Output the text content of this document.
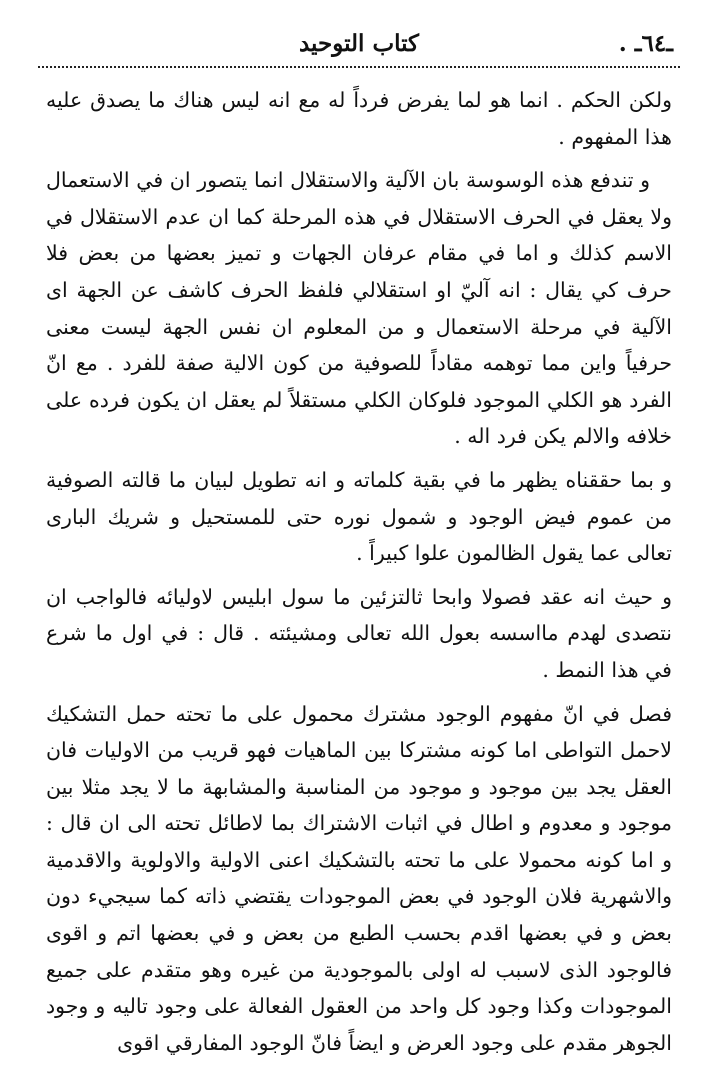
ـ٦٤ـ .
كتاب التوحيد

ولكن الحكم . انما هو لما يفرض فرداً له مع انه ليس هناك ما يصدق عليه هذا المفهوم .

و تندفع هذه الوسوسة بان الآلية والاستقلال انما يتصور ان في الاستعمال ولا يعقل في الحرف الاستقلال في هذه المرحلة كما ان عدم الاستقلال في الاسم كذلك و اما في مقام عرفان الجهات و تميز بعضها من بعض فلا حرف كي يقال : انه آليّ او استقلالي فلفظ الحرف كاشف عن الجهة اى الآلية في مرحلة الاستعمال و من المعلوم ان نفس الجهة ليست معنى حرفياً واين مما توهمه مقاداً للصوفية من كون الالية صفة للفرد . مع انّ الفرد هو الكلي الموجود فلوكان الكلي مستقلاً لم يعقل ان يكون فرده على خلافه والالم يكن فرد اله .

و بما حققناه يظهر ما في بقية كلماته و انه تطويل لبيان ما قالته الصوفية من عموم فيض الوجود و شمول نوره حتى للمستحيل و شريك البارى تعالى عما يقول الظالمون علوا كبيراً .

و حيث انه عقد فصولا وابحا ثالتزئين ما سول ابليس لاوليائه فالواجب ان نتصدى لهدم مااسسه بعول الله تعالى ومشيئته . قال : في اول ما شرع في هذا النمط .

فصل في انّ مفهوم الوجود مشترك محمول على ما تحته حمل التشكيك لاحمل التواطى اما كونه مشتركا بين الماهيات فهو قريب من الاوليات فان العقل يجد بين موجود و موجود من المناسبة والمشابهة ما لا يجد مثلا بين موجود و معدوم و اطال في اثبات الاشتراك بما لاطائل تحته الى ان قال : و اما كونه محمولا على ما تحته بالتشكيك اعنى الاولية والاولوية والاقدمية والاشهرية فلان الوجود في بعض الموجودات يقتضي ذاته كما سيجيء دون بعض و في بعضها اقدم بحسب الطبع من بعض و في بعضها اتم و اقوى فالوجود الذى لاسبب له اولى بالموجودية من غيره وهو متقدم على جميع الموجودات وكذا وجود كل واحد من العقول الفعالة على وجود تاليه و وجود الجوهر مقدم على وجود العرض و ايضاً فانّ الوجود المفارقي اقوى
